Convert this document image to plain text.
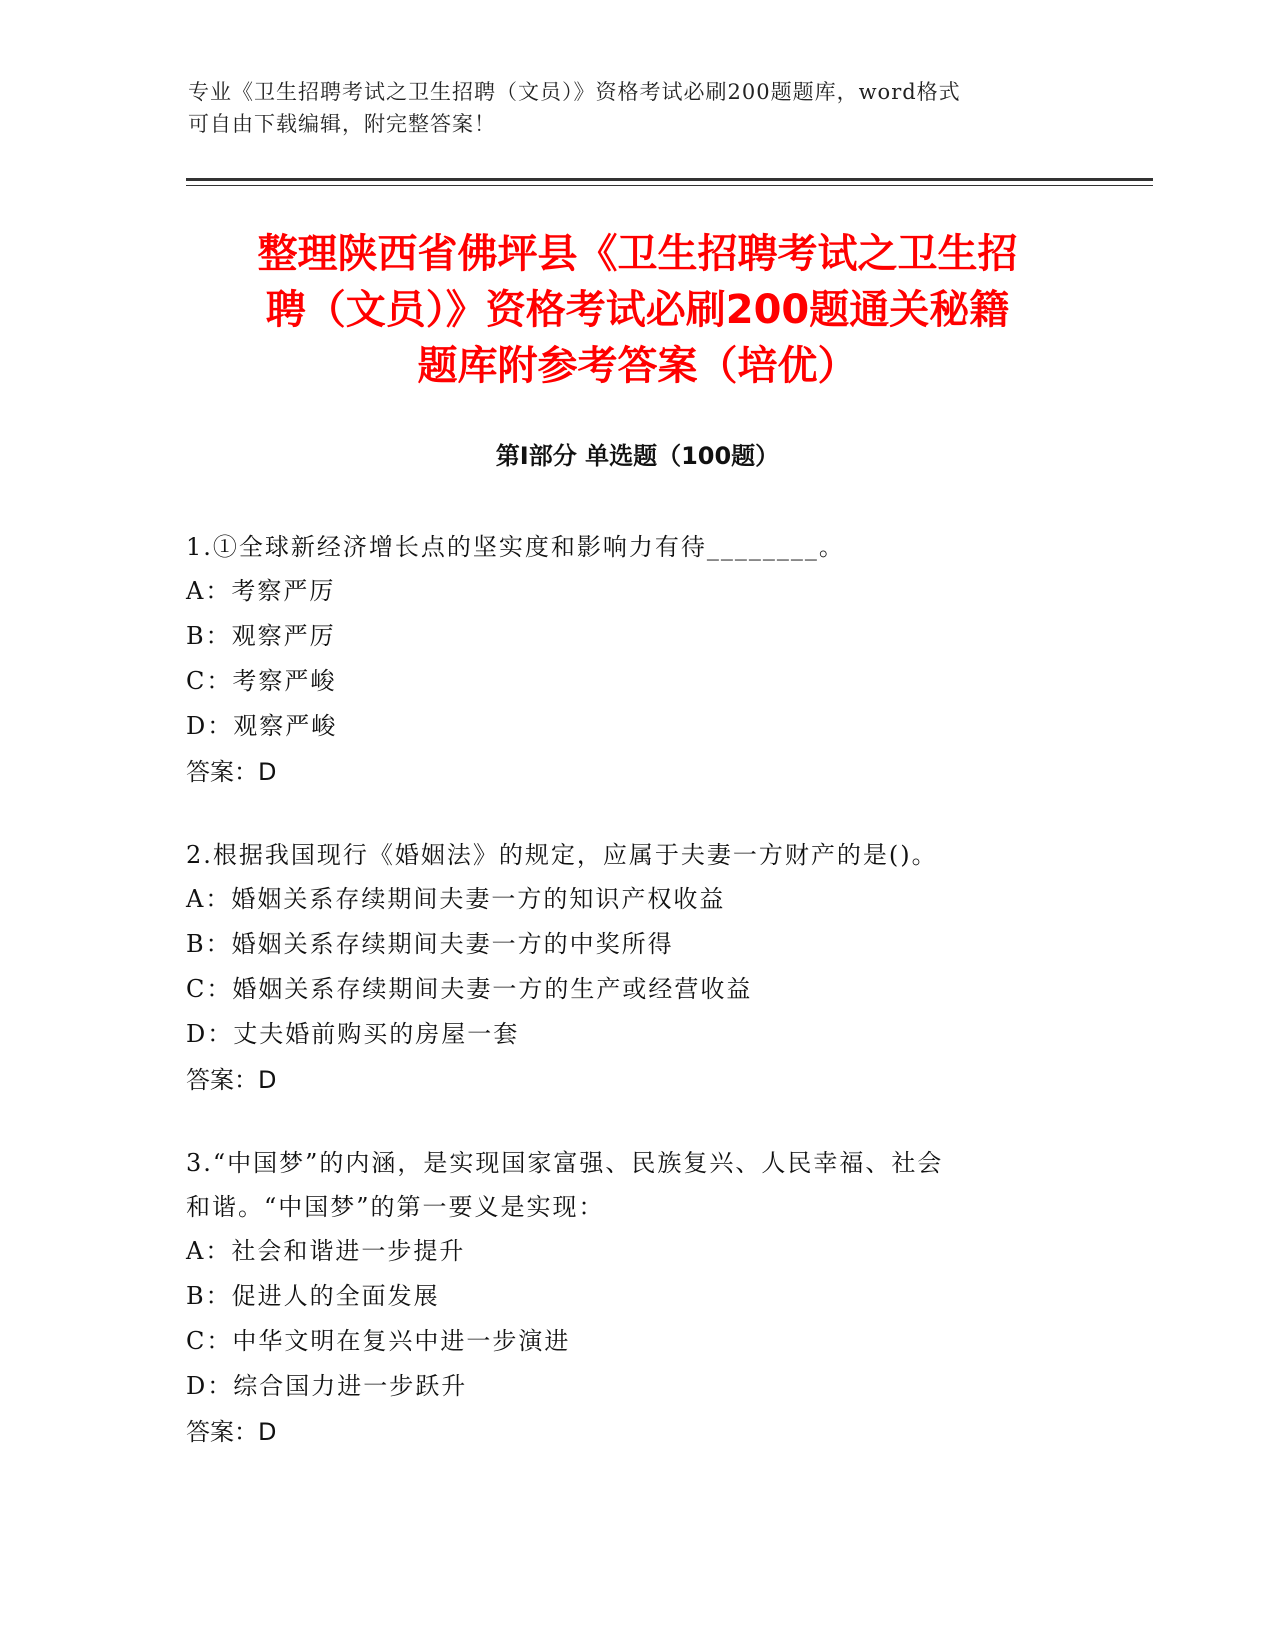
专业《卫生招聘考试之卫生招聘（文员）》资格考试必刷200题题库，word格式
可自由下载编辑，附完整答案！
整理陕西省佛坪县《卫生招聘考试之卫生招
聘（文员）》资格考试必刷200题通关秘籍
题库附参考答案（培优）
第Ⅰ部分 单选题（100题）
1.①全球新经济增长点的坚实度和影响力有待________。
A：考察严厉
B：观察严厉
C：考察严峻
D：观察严峻
答案：D
2.根据我国现行《婚姻法》的规定，应属于夫妻一方财产的是()。
A：婚姻关系存续期间夫妻一方的知识产权收益
B：婚姻关系存续期间夫妻一方的中奖所得
C：婚姻关系存续期间夫妻一方的生产或经营收益
D：丈夫婚前购买的房屋一套
答案：D
3.“中国梦”的内涵，是实现国家富强、民族复兴、人民幸福、社会
和谐。“中国梦”的第一要义是实现：
A：社会和谐进一步提升
B：促进人的全面发展
C：中华文明在复兴中进一步演进
D：综合国力进一步跃升
答案：D
